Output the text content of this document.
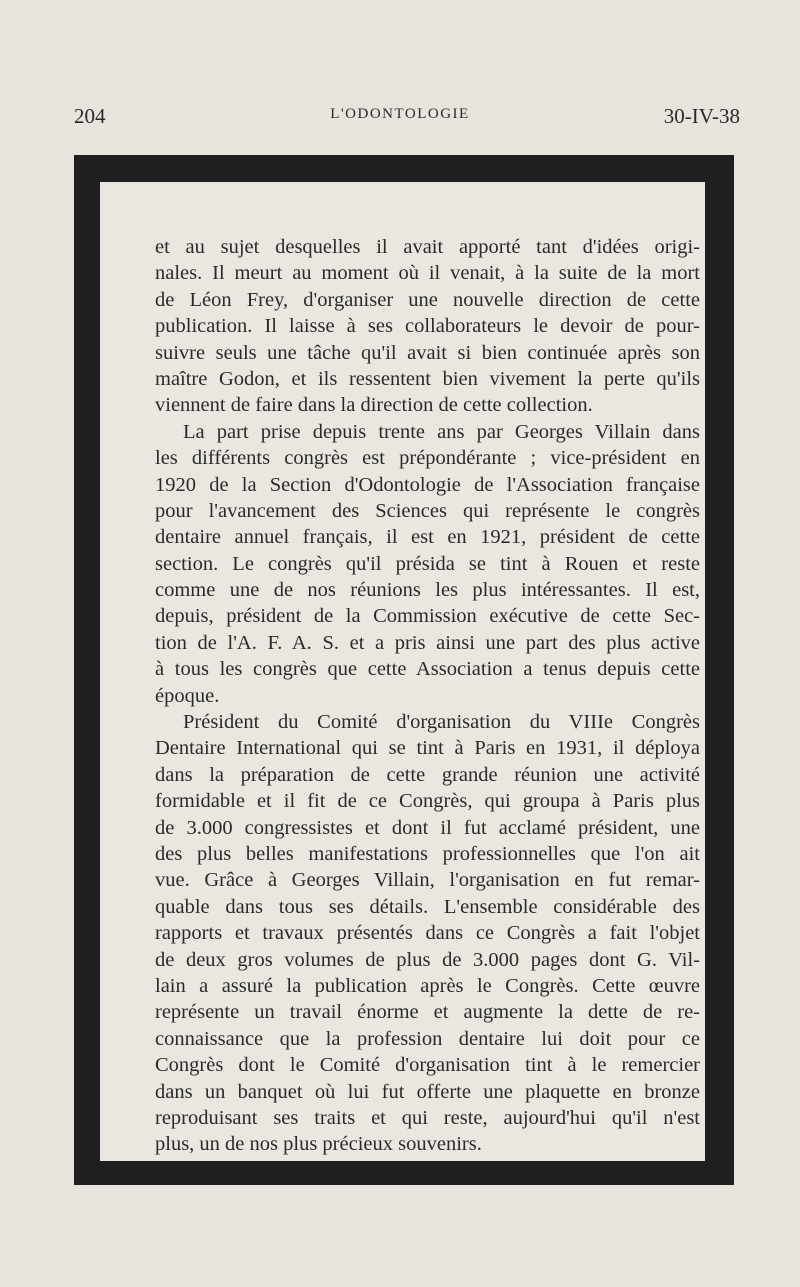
204	L'ODONTOLOGIE	30-IV-38
et au sujet desquelles il avait apporté tant d'idées origi-
nales. Il meurt au moment où il venait, à la suite de la mort
de Léon Frey, d'organiser une nouvelle direction de cette
publication. Il laisse à ses collaborateurs le devoir de pour-
suivre seuls une tâche qu'il avait si bien continuée après son
maître Godon, et ils ressentent bien vivement la perte qu'ils
viennent de faire dans la direction de cette collection.
La part prise depuis trente ans par Georges Villain dans
les différents congrès est prépondérante ; vice-président en
1920 de la Section d'Odontologie de l'Association française
pour l'avancement des Sciences qui représente le congrès
dentaire annuel français, il est en 1921, président de cette
section. Le congrès qu'il présida se tint à Rouen et reste
comme une de nos réunions les plus intéressantes. Il est,
depuis, président de la Commission exécutive de cette Sec-
tion de l'A. F. A. S. et a pris ainsi une part des plus active
à tous les congrès que cette Association a tenus depuis cette
époque.
Président du Comité d'organisation du VIIIe Congrès
Dentaire International qui se tint à Paris en 1931, il déploya
dans la préparation de cette grande réunion une activité
formidable et il fit de ce Congrès, qui groupa à Paris plus
de 3.000 congressistes et dont il fut acclamé président, une
des plus belles manifestations professionnelles que l'on ait
vue. Grâce à Georges Villain, l'organisation en fut remar-
quable dans tous ses détails. L'ensemble considérable des
rapports et travaux présentés dans ce Congrès a fait l'objet
de deux gros volumes de plus de 3.000 pages dont G. Vil-
lain a assuré la publication après le Congrès. Cette œuvre
représente un travail énorme et augmente la dette de re-
connaissance que la profession dentaire lui doit pour ce
Congrès dont le Comité d'organisation tint à le remercier
dans un banquet où lui fut offerte une plaquette en bronze
reproduisant ses traits et qui reste, aujourd'hui qu'il n'est
plus, un de nos plus précieux souvenirs.
